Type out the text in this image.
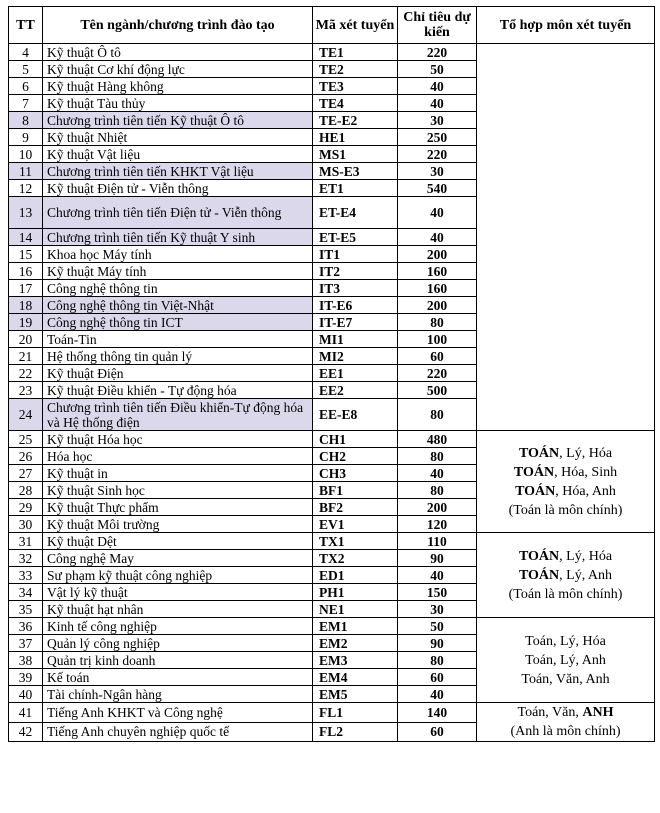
TT	Tên ngành/chương trình đào tạo	Mã xét tuyển	Chỉ tiêu dự kiến	Tổ hợp môn xét tuyển
4	Kỹ thuật Ô tô	TE1	220	
5	Kỹ thuật Cơ khí động lực	TE2	50	
6	Kỹ thuật Hàng không	TE3	40	
7	Kỹ thuật Tàu thủy	TE4	40	
8	Chương trình tiên tiến Kỹ thuật Ô tô	TE-E2	30	
9	Kỹ thuật Nhiệt	HE1	250	
10	Kỹ thuật Vật liệu	MS1	220	
11	Chương trình tiên tiến KHKT Vật liệu	MS-E3	30	
12	Kỹ thuật Điện tử - Viễn thông	ET1	540	
13	Chương trình tiên tiến Điện tử - Viễn thông	ET-E4	40	
14	Chương trình tiên tiến Kỹ thuật Y sinh	ET-E5	40	
15	Khoa học Máy tính	IT1	200	
16	Kỹ thuật Máy tính	IT2	160	
17	Công nghệ thông tin	IT3	160	
18	Công nghệ thông tin Việt-Nhật	IT-E6	200	
19	Công nghệ thông tin ICT	IT-E7	80	
20	Toán-Tin	MI1	100	
21	Hệ thống thông tin quản lý	MI2	60	
22	Kỹ thuật Điện	EE1	220	
23	Kỹ thuật Điều khiển - Tự động hóa	EE2	500	
24	Chương trình tiên tiến Điều khiển-Tự động hóa và Hệ thống điện	EE-E8	80	
25	Kỹ thuật Hóa học	CH1	480	TOÁN, Lý, Hóa
TOÁN, Hóa, Sinh
TOÁN, Hóa, Anh
(Toán là môn chính)

26	Hóa học	CH2	80	
27	Kỹ thuật in	CH3	40	
28	Kỹ thuật Sinh học	BF1	80	
29	Kỹ thuật Thực phẩm	BF2	200	
30	Kỹ thuật Môi trường	EV1	120	
31	Kỹ thuật Dệt	TX1	110	TOÁN, Lý, Hóa
TOÁN, Lý, Anh
(Toán là môn chính)

32	Công nghệ May	TX2	90	
33	Sư phạm kỹ thuật công nghiệp	ED1	40	
34	Vật lý kỹ thuật	PH1	150	
35	Kỹ thuật hạt nhân	NE1	30	
36	Kinh tế công nghiệp	EM1	50	Toán, Lý, Hóa
Toán, Lý, Anh
Toán, Văn, Anh

37	Quản lý công nghiệp	EM2	90	
38	Quản trị kinh doanh	EM3	80	
39	Kế toán	EM4	60	
40	Tài chính-Ngân hàng	EM5	40	
41	Tiếng Anh KHKT và Công nghệ	FL1	140	Toán, Văn, ANH
(Anh là môn chính)

42	Tiếng Anh chuyên nghiệp quốc tế	FL2	60	
